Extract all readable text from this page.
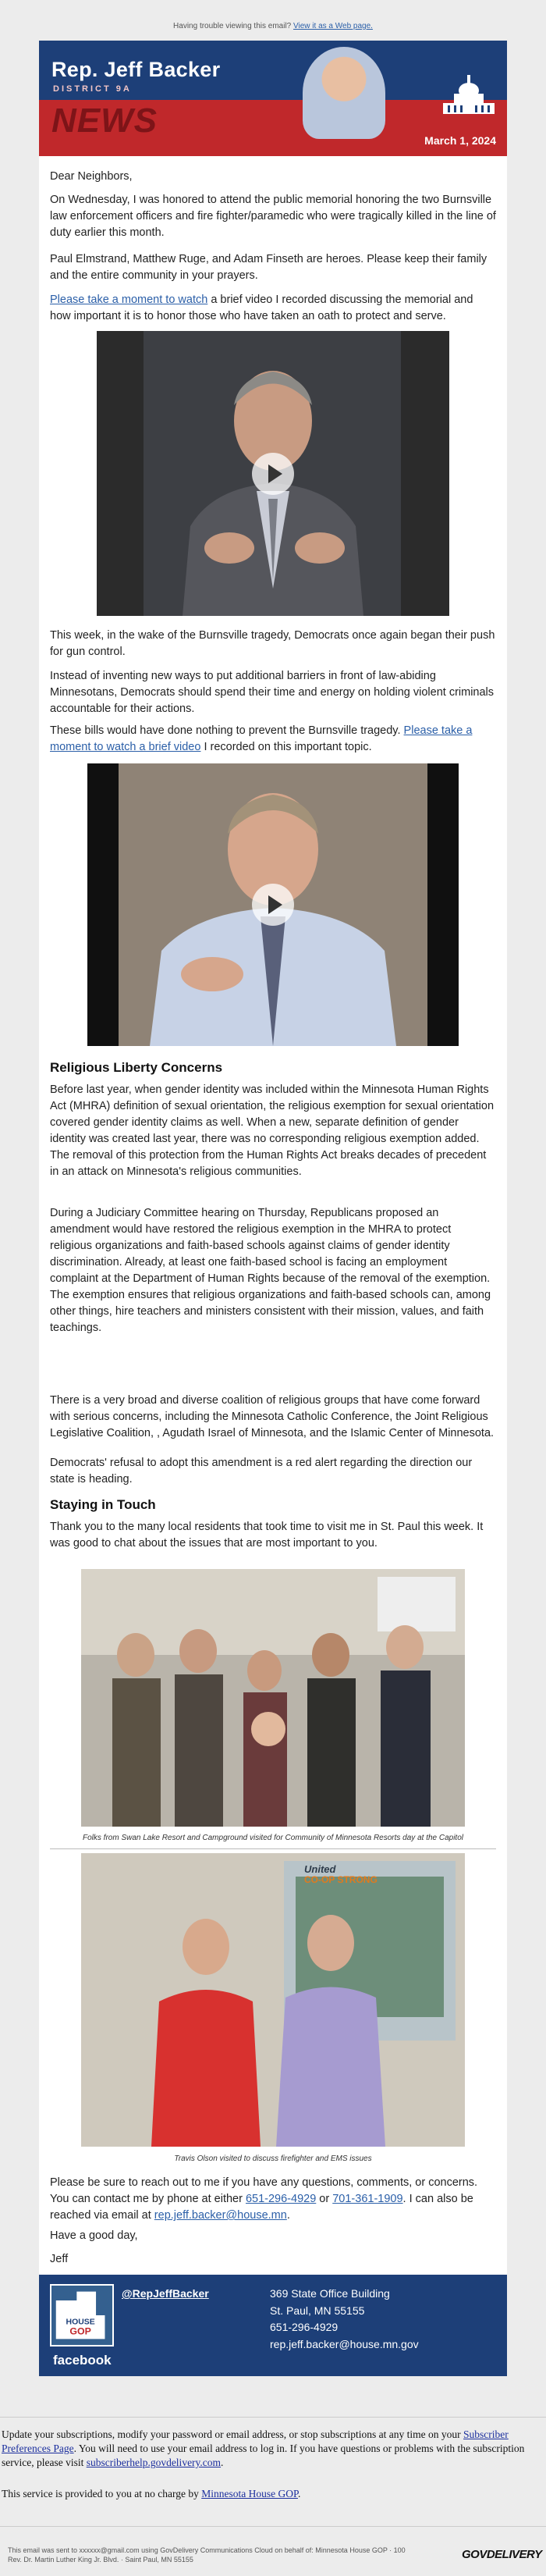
Having trouble viewing this email? View it as a Web page.
Rep. Jeff Backer
DISTRICT 9A
NEWS
March 1, 2024

Dear Neighbors,

On Wednesday, I was honored to attend the public memorial honoring the two Burnsville law enforcement officers and fire fighter/paramedic who were tragically killed in the line of duty earlier this month.

Paul Elmstrand, Matthew Ruge, and Adam Finseth are heroes. Please keep their family and the entire community in your prayers.

Please take a moment to watch a brief video I recorded discussing the memorial and how important it is to honor those who have taken an oath to protect and serve.

This week, in the wake of the Burnsville tragedy, Democrats once again began their push for gun control.

Instead of inventing new ways to put additional barriers in front of law-abiding Minnesotans, Democrats should spend their time and energy on holding violent criminals accountable for their actions.

These bills would have done nothing to prevent the Burnsville tragedy. Please take a moment to watch a brief video I recorded on this important topic.

Religious Liberty Concerns

Before last year, when gender identity was included within the Minnesota Human Rights Act (MHRA) definition of sexual orientation, the religious exemption for sexual orientation covered gender identity claims as well. When a new, separate definition of gender identity was created last year, there was no corresponding religious exemption added. The removal of this protection from the Human Rights Act breaks decades of precedent in an attack on Minnesota's religious communities.

During a Judiciary Committee hearing on Thursday, Republicans proposed an amendment would have restored the religious exemption in the MHRA to protect religious organizations and faith-based schools against claims of gender identity discrimination. Already, at least one faith-based school is facing an employment complaint at the Department of Human Rights because of the removal of the exemption. The exemption ensures that religious organizations and faith-based schools can, among other things, hire teachers and ministers consistent with their mission, values, and faith teachings.

There is a very broad and diverse coalition of religious groups that have come forward with serious concerns, including the Minnesota Catholic Conference, the Joint Religious Legislative Coalition, , Agudath Israel of Minnesota, and the Islamic Center of Minnesota.

Democrats' refusal to adopt this amendment is a red alert regarding the direction our state is heading.

Staying in Touch

Thank you to the many local residents that took time to visit me in St. Paul this week. It was good to chat about the issues that are most important to you.

Folks from Swan Lake Resort and Campground visited for Community of Minnesota Resorts day at the Capitol
United
CO-OP STRONG
Travis Olson visited to discuss firefighter and EMS issues

Please be sure to reach out to me if you have any questions, comments, or concerns. You can contact me by phone at either 651-296-4929 or 701-361-1909. I can also be reached via email at rep.jeff.backer@house.mn.

Have a good day,

Jeff

HOUSE
GOP
facebook
@RepJeffBacker	369 State Office Building
St. Paul, MN 55155
651-296-4929
rep.jeff.backer@house.mn.gov
Update your subscriptions, modify your password or email address, or stop subscriptions at any time on your Subscriber Preferences Page. You will need to use your email address to log in. If you have questions or problems with the subscription service, please visit subscriberhelp.govdelivery.com.
This service is provided to you at no charge by Minnesota House GOP.
This email was sent to xxxxxx@gmail.com using GovDelivery Communications Cloud on behalf of: Minnesota House GOP · 100
Rev. Dr. Martin Luther King Jr. Blvd. · Saint Paul, MN 55155	GOVDELIVERY
